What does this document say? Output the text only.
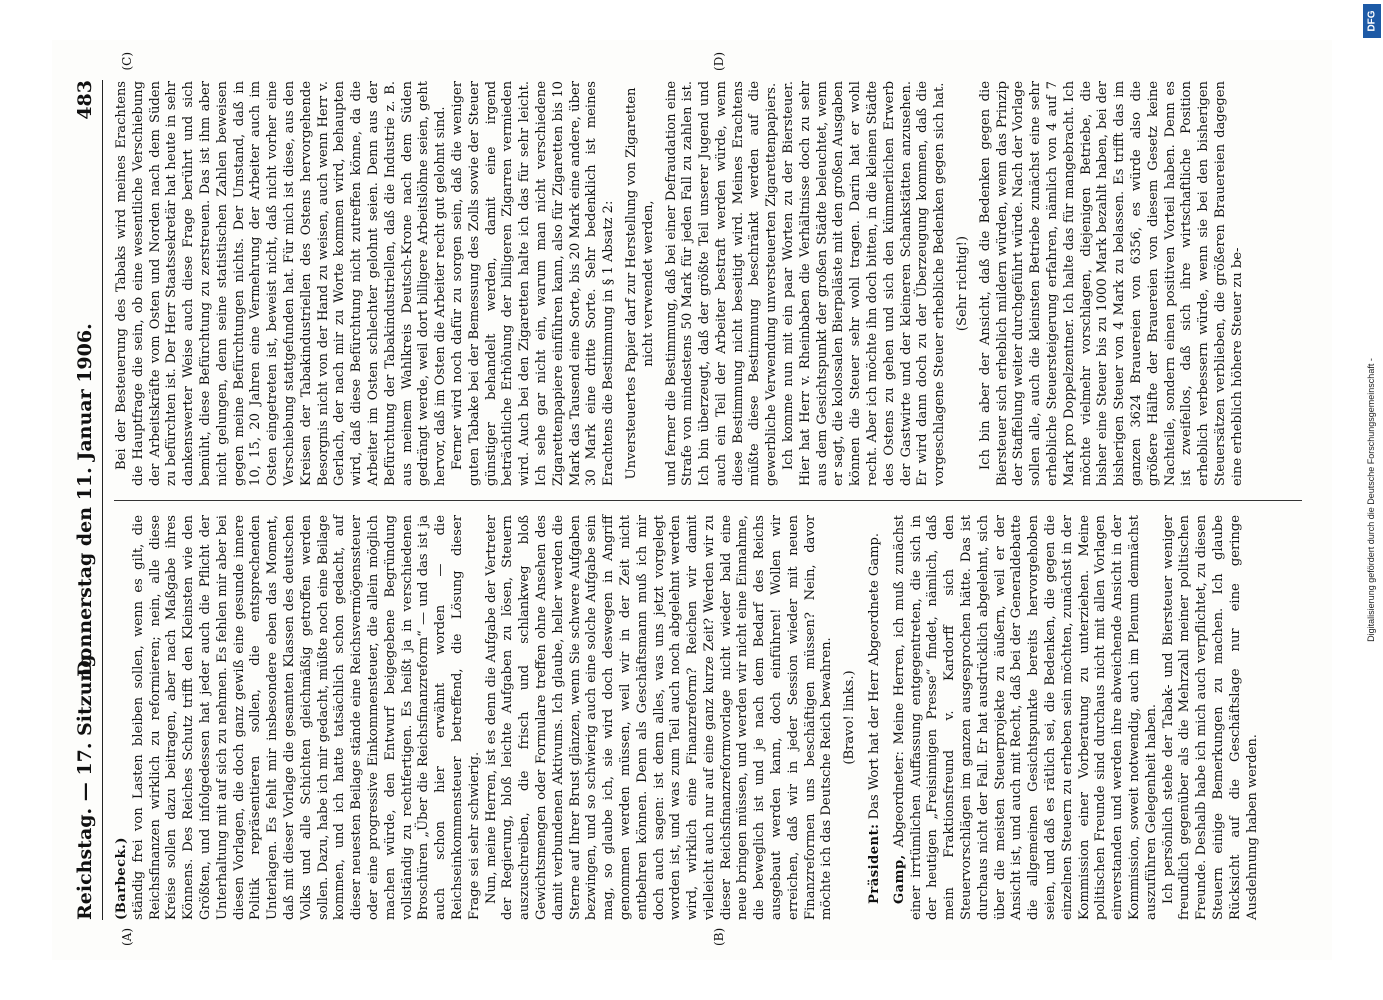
Reichstag. — 17. Sitzung.
Donnerstag den 11. Januar 1906.
483
(A)	(B)
(C)	(D)

(Barbeck.) ständig frei von Lasten bleiben sollen, wenn es gilt, die Reichsfinanzen wirklich zu reformieren; nein, alle diese Kreise sollen dazu beitragen, aber nach Maßgabe ihres Könnens. Des Reiches Schutz trifft den Kleinsten wie den Größten, und infolgedessen hat jeder auch die Pflicht der Unterhaltung mit auf sich zu nehmen. Es fehlen mir aber bei diesen Vorlagen, die doch ganz gewiß eine gesunde innere Politik repräsentieren sollen, die entsprechenden Unterlagen. Es fehlt mir insbesondere eben das Moment, daß mit dieser Vorlage die gesamten Klassen des deutschen Volks und alle Schichten gleichmäßig getroffen werden sollen. Dazu, habe ich mir gedacht, müßte noch eine Beilage kommen, und ich hatte tatsächlich schon gedacht, auf dieser neuesten Beilage stände eine Reichsvermögenssteuer oder eine progressive Einkommensteuer, die allein möglich machen würde, den Entwurf beigegebene Begründung vollständig zu rechtfertigen. Es heißt ja in verschiedenen Broschüren „Über die Reichsfinanzreform“ — und das ist ja auch schon hier erwähnt worden — die Reichseinkommensteuer betreffend, die Lösung dieser Frage sei sehr schwierig. Nun, meine Herren, ist es denn die Aufgabe der Vertreter der Regierung, bloß leichte Aufgaben zu lösen, Steuern auszuschreiben, die frisch und schlankweg bloß Gewichtsmengen oder Formulare treffen ohne Ansehen des damit verbundenen Aktivums. Ich glaube, heller werden die Sterne auf Ihrer Brust glänzen, wenn Sie schwere Aufgaben bezwingen, und so schwierig auch eine solche Aufgabe sein mag, so glaube ich, sie wird doch deswegen in Angriff genommen werden müssen, weil wir in der Zeit nicht entbehren können. Denn als Geschäftsmann muß ich mir doch auch sagen: ist denn alles, was uns jetzt vorgelegt worden ist, und was zum Teil auch noch abgelehnt werden wird, wirklich eine Finanzreform? Reichen wir damit vielleicht auch nur auf eine ganz kurze Zeit? Werden wir zu dieser Reichsfinanzreformvorlage nicht wieder bald eine neue bringen müssen, und werden wir nicht eine Einnahme, die beweglich ist und je nach dem Bedarf des Reichs ausgebaut werden kann, doch einführen! Wollen wir erreichen, daß wir in jeder Session wieder mit neuen Finanzreformen uns beschäftigen müssen? Nein, davor möchte ich das Deutsche Reich bewahren. (Bravo! links.)

Präsident: Das Wort hat der Herr Abgeordnete Gamp.

Gamp, Abgeordneter: Meine Herren, ich muß zunächst einer irrtümlichen Auffassung entgegentreten, die sich in der heutigen „Freisinnigen Presse“ findet, nämlich, daß mein Fraktionsfreund v. Kardorff sich den Steuervorschlägen im ganzen ausgesprochen hätte. Das ist durchaus nicht der Fall. Er hat ausdrücklich abgelehnt, sich über die meisten Steuerprojekte zu äußern, weil er der Ansicht ist, und auch mit Recht, daß bei der Generaldebatte die allgemeinen Gesichtspunkte bereits hervorgehoben seien, und daß es rätlich sei, die Bedenken, die gegen die einzelnen Steuern zu erheben sein möchten, zunächst in der Kommission einer Vorberatung zu unterziehen. Meine politischen Freunde sind durchaus nicht mit allen Vorlagen einverstanden und werden ihre abweichende Ansicht in der Kommission, soweit notwendig, auch im Plenum demnächst auszuführen Gelegenheit haben. Ich persönlich stehe der Tabak- und Biersteuer weniger freundlich gegenüber als die Mehrzahl meiner politischen Freunde. Deshalb habe ich mich auch verpflichtet, zu diesen Steuern einige Bemerkungen zu machen. Ich glaube Rücksicht auf die Geschäftslage nur eine geringe Ausdehnung haben werden.

Bei der Besteuerung des Tabaks wird meines Erachtens die Hauptfrage die sein, ob eine wesentliche Verschiebung der Arbeitskräfte vom Osten und Norden nach dem Süden zu befürchten ist. Der Herr Staatssekretär hat heute in sehr dankenswerter Weise auch diese Frage berührt und sich bemüht, diese Befürchtung zu zerstreuen. Das ist ihm aber nicht gelungen, denn seine statistischen Zahlen beweisen gegen meine Befürchtungen nichts. Der Umstand, daß in 10, 15, 20 Jahren eine Vermehrung der Arbeiter auch im Osten eingetreten ist, beweist nicht, daß nicht vorher eine Verschiebung stattgefunden hat. Für mich ist diese, aus den Kreisen der Tabakindustriellen des Ostens hervorgehende Besorgnis nicht von der Hand zu weisen, auch wenn Herr v. Gerlach, der nach mir zu Worte kommen wird, behaupten wird, daß diese Befürchtung nicht zutreffen könne, da die Arbeiter im Osten schlechter gelohnt seien. Denn aus der Befürchtung der Tabakindustriellen, daß die Industrie z. B. aus meinem Wahlkreis Deutsch-Krone nach dem Süden gedrängt werde, weil dort billigere Arbeitslöhne seien, geht hervor, daß im Osten die Arbeiter recht gut gelohnt sind. Ferner wird noch dafür zu sorgen sein, daß die weniger guten Tabake bei der Bemessung des Zolls sowie der Steuer günstiger behandelt werden, damit eine irgend beträchtliche Erhöhung der billigeren Zigarren vermieden wird. Auch bei den Zigaretten halte ich das für sehr leicht. Ich sehe gar nicht ein, warum man nicht verschiedene Zigarettenpapiere einführen kann, also für Zigaretten bis 10 Mark das Tausend eine Sorte, bis 20 Mark eine andere, über 30 Mark eine dritte Sorte. Sehr bedenklich ist meines Erachtens die Bestimmung in § 1 Absatz 2: Unversteuertes Papier darf zur Herstellung von Zigaretten nicht verwendet werden, und ferner die Bestimmung, daß bei einer Defraudation eine Strafe von mindestens 50 Mark für jeden Fall zu zahlen ist. Ich bin überzeugt, daß der größte Teil unserer Jugend und auch ein Teil der Arbeiter bestraft werden würde, wenn diese Bestimmung nicht beseitigt wird. Meines Erachtens müßte diese Bestimmung beschränkt werden auf die gewerbliche Verwendung unversteuerten Zigarettenpapiers. Ich komme nun mit ein paar Worten zu der Biersteuer. Hier hat Herr v. Rheinbaben die Verhältnisse doch zu sehr aus dem Gesichtspunkt der großen Städte beleuchtet, wenn er sagt, die kolossalen Bierpaläste mit den großen Ausgaben können die Steuer sehr wohl tragen. Darin hat er wohl recht. Aber ich möchte ihn doch bitten, in die kleinen Städte des Ostens zu gehen und sich den kümmerlichen Erwerb der Gastwirte und der kleineren Schankstätten anzusehen. Er wird dann doch zu der Überzeugung kommen, daß die vorgeschlagene Steuer erhebliche Bedenken gegen sich hat. (Sehr richtig!) Ich bin aber der Ansicht, daß die Bedenken gegen die Biersteuer sich erheblich mildern würden, wenn das Prinzip der Staffelung weiter durchgeführt würde. Nach der Vorlage sollen alle, auch die kleinsten Betriebe zunächst eine sehr erhebliche Steuersteigerung erfahren, nämlich von 4 auf 7 Mark pro Doppelzentner. Ich halte das für mangebracht. Ich möchte vielmehr vorschlagen, diejenigen Betriebe, die bisher eine Steuer bis zu 1000 Mark bezahlt haben, bei der bisherigen Steuer von 4 Mark zu belassen. Es trifft das im ganzen 3624 Brauereien von 6356, es würde also die größere Hälfte der Brauereien von diesem Gesetz keine Nachteile, sondern einen positiven Vorteil haben. Denn es ist zweifellos, daß sich ihre wirtschaftliche Position erheblich verbessern würde, wenn sie bei den bisherigen Steuersätzen verblieben, die größeren Brauereien dagegen eine erheblich höhere Steuer zu be-

DFG
Digitalisierung gefördert durch die Deutsche Forschungsgemeinschaft -
